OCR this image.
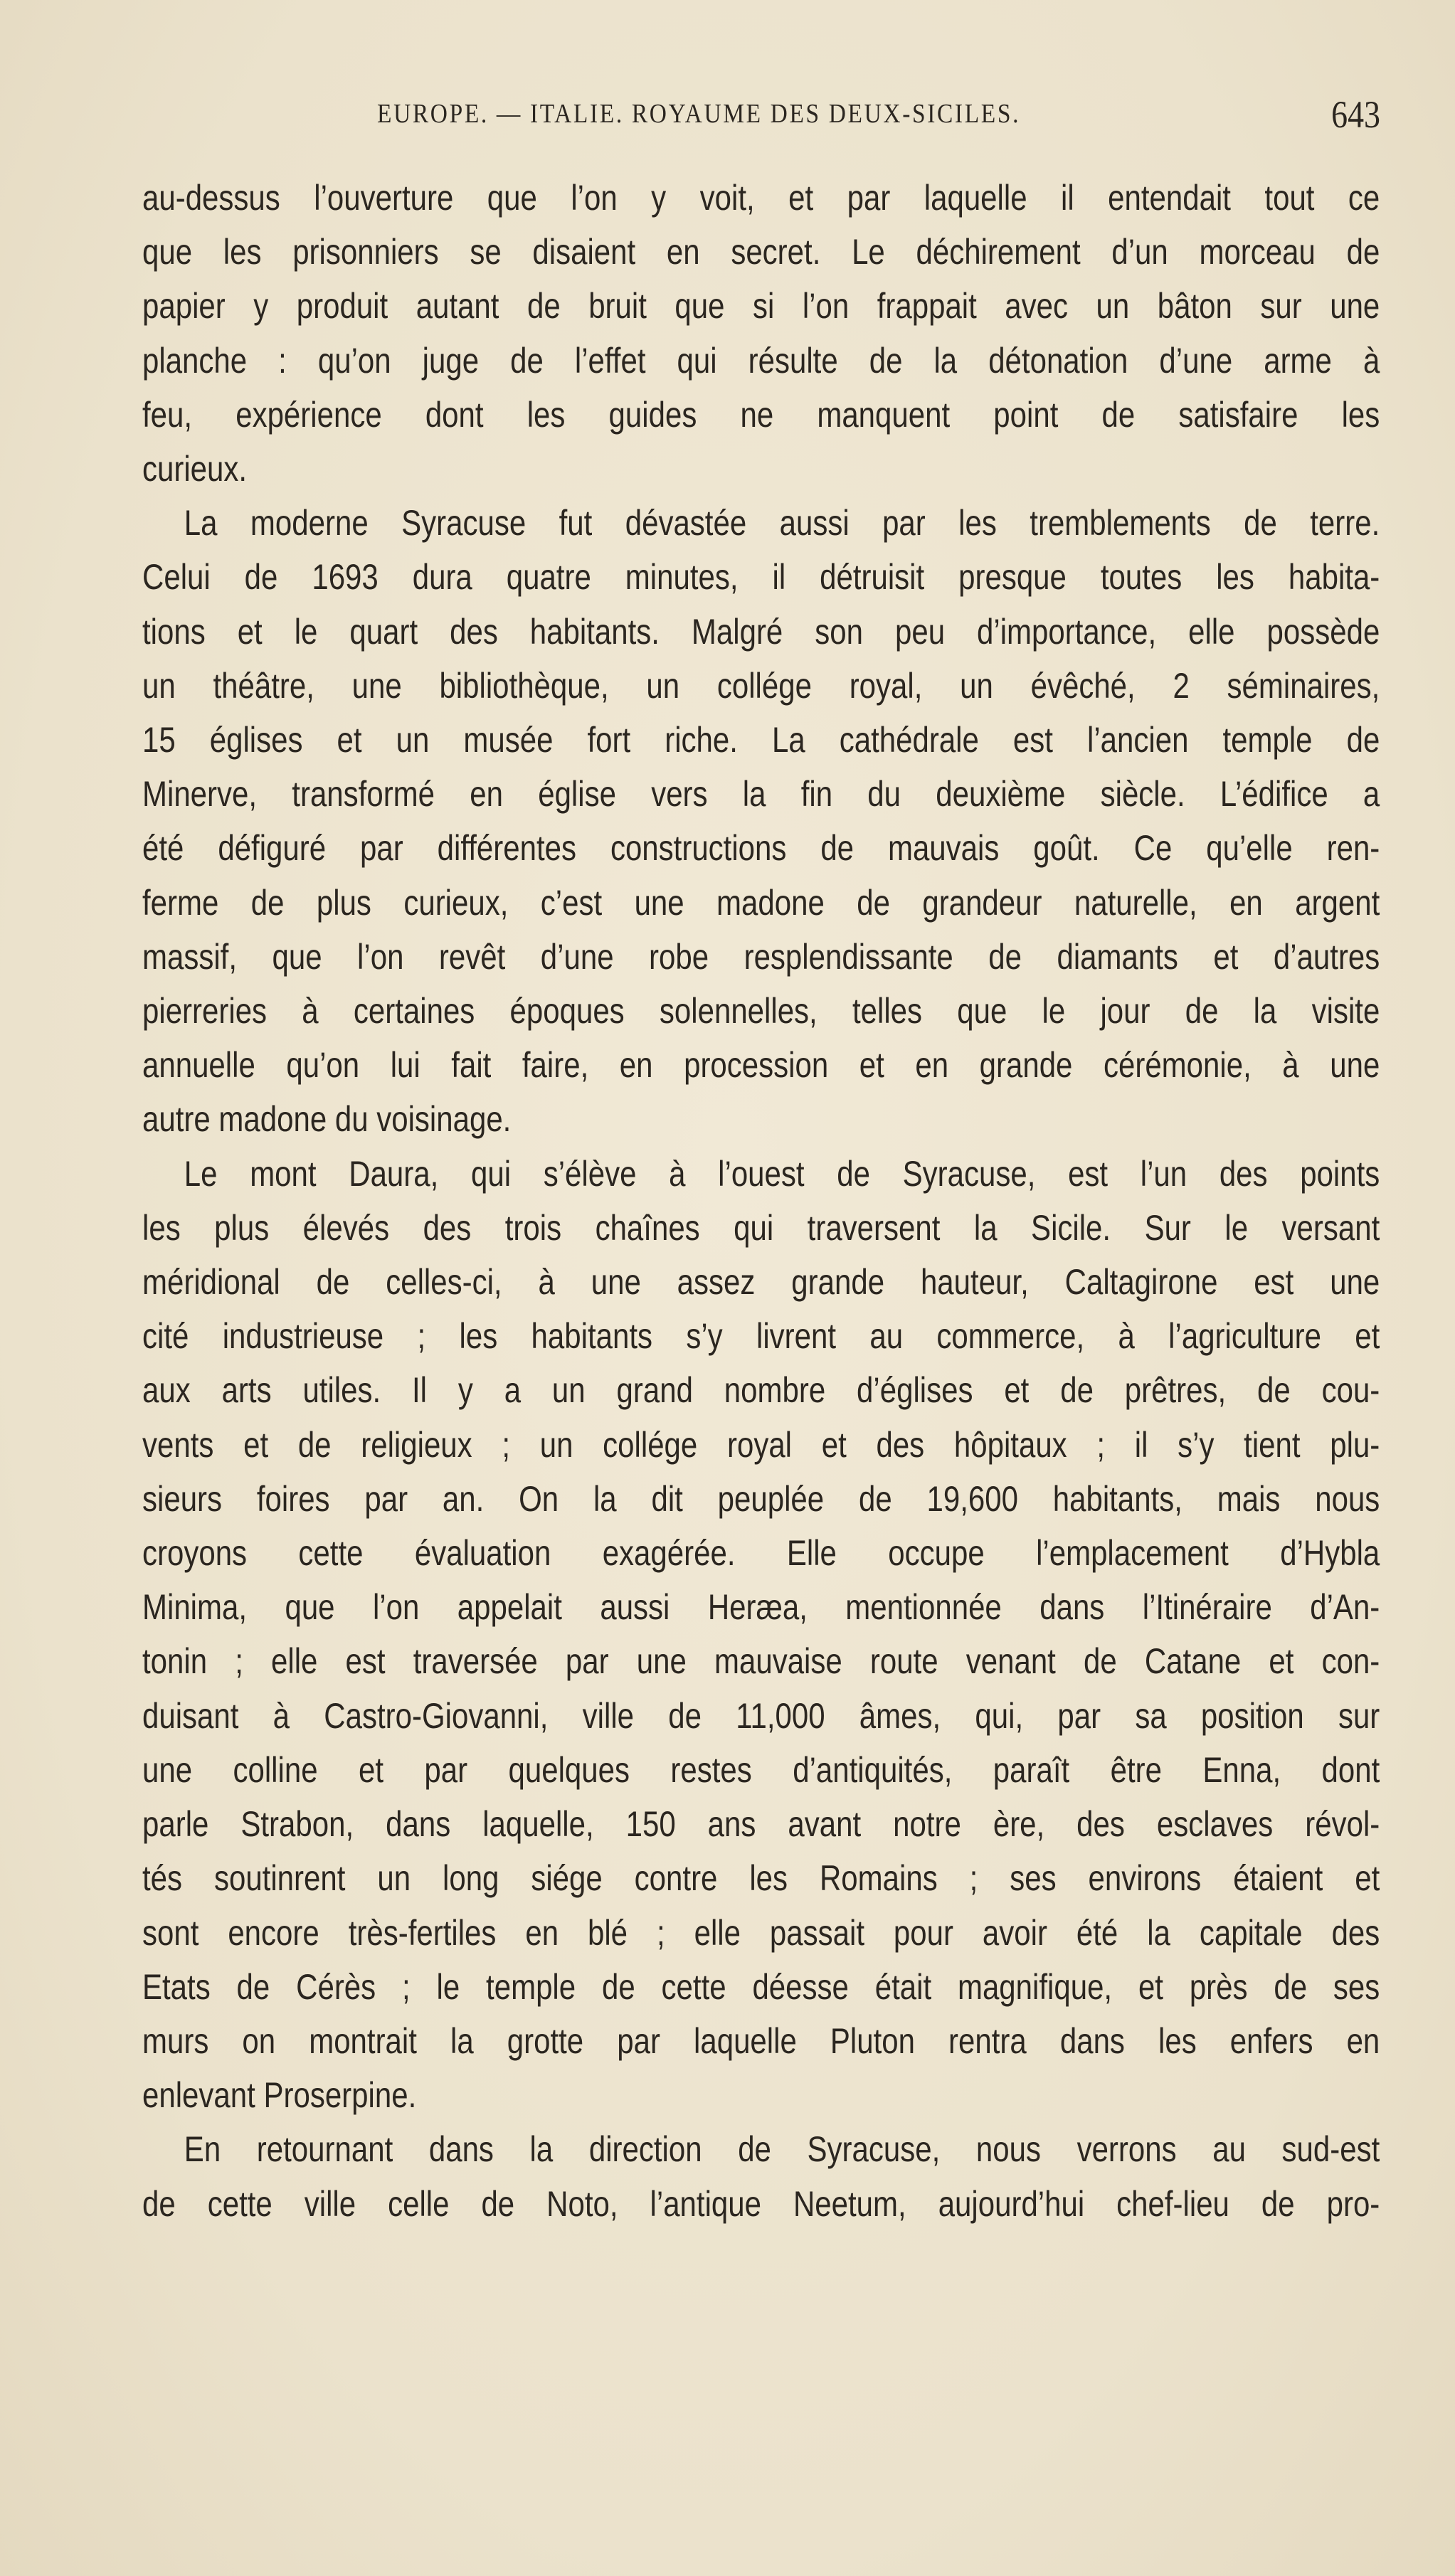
EUROPE. — ITALIE. ROYAUME DES DEUX-SICILES.	643
au-dessus l’ouverture que l’on y voit, et par laquelle il entendait tout ce
que les prisonniers se disaient en secret. Le déchirement d’un morceau de
papier y produit autant de bruit que si l’on frappait avec un bâton sur une
planche : qu’on juge de l’effet qui résulte de la détonation d’une arme à
feu, expérience dont les guides ne manquent point de satisfaire les
curieux.
La moderne Syracuse fut dévastée aussi par les tremblements de terre.
Celui de 1693 dura quatre minutes, il détruisit presque toutes les habita-
tions et le quart des habitants. Malgré son peu d’importance, elle possède
un théâtre, une bibliothèque, un collége royal, un évêché, 2 séminaires,
15 églises et un musée fort riche. La cathédrale est l’ancien temple de
Minerve, transformé en église vers la fin du deuxième siècle. L’édifice a
été défiguré par différentes constructions de mauvais goût. Ce qu’elle ren-
ferme de plus curieux, c’est une madone de grandeur naturelle, en argent
massif, que l’on revêt d’une robe resplendissante de diamants et d’autres
pierreries à certaines époques solennelles, telles que le jour de la visite
annuelle qu’on lui fait faire, en procession et en grande cérémonie, à une
autre madone du voisinage.
Le mont Daura, qui s’élève à l’ouest de Syracuse, est l’un des points
les plus élevés des trois chaînes qui traversent la Sicile. Sur le versant
méridional de celles-ci, à une assez grande hauteur, Caltagirone est une
cité industrieuse ; les habitants s’y livrent au commerce, à l’agriculture et
aux arts utiles. Il y a un grand nombre d’églises et de prêtres, de cou-
vents et de religieux ; un collége royal et des hôpitaux ; il s’y tient plu-
sieurs foires par an. On la dit peuplée de 19,600 habitants, mais nous
croyons cette évaluation exagérée. Elle occupe l’emplacement d’Hybla
Minima, que l’on appelait aussi Heræa, mentionnée dans l’Itinéraire d’An-
tonin ; elle est traversée par une mauvaise route venant de Catane et con-
duisant à Castro-Giovanni, ville de 11,000 âmes, qui, par sa position sur
une colline et par quelques restes d’antiquités, paraît être Enna, dont
parle Strabon, dans laquelle, 150 ans avant notre ère, des esclaves révol-
tés soutinrent un long siége contre les Romains ; ses environs étaient et
sont encore très-fertiles en blé ; elle passait pour avoir été la capitale des
Etats de Cérès ; le temple de cette déesse était magnifique, et près de ses
murs on montrait la grotte par laquelle Pluton rentra dans les enfers en
enlevant Proserpine.
En retournant dans la direction de Syracuse, nous verrons au sud-est
de cette ville celle de Noto, l’antique Neetum, aujourd’hui chef-lieu de pro-
